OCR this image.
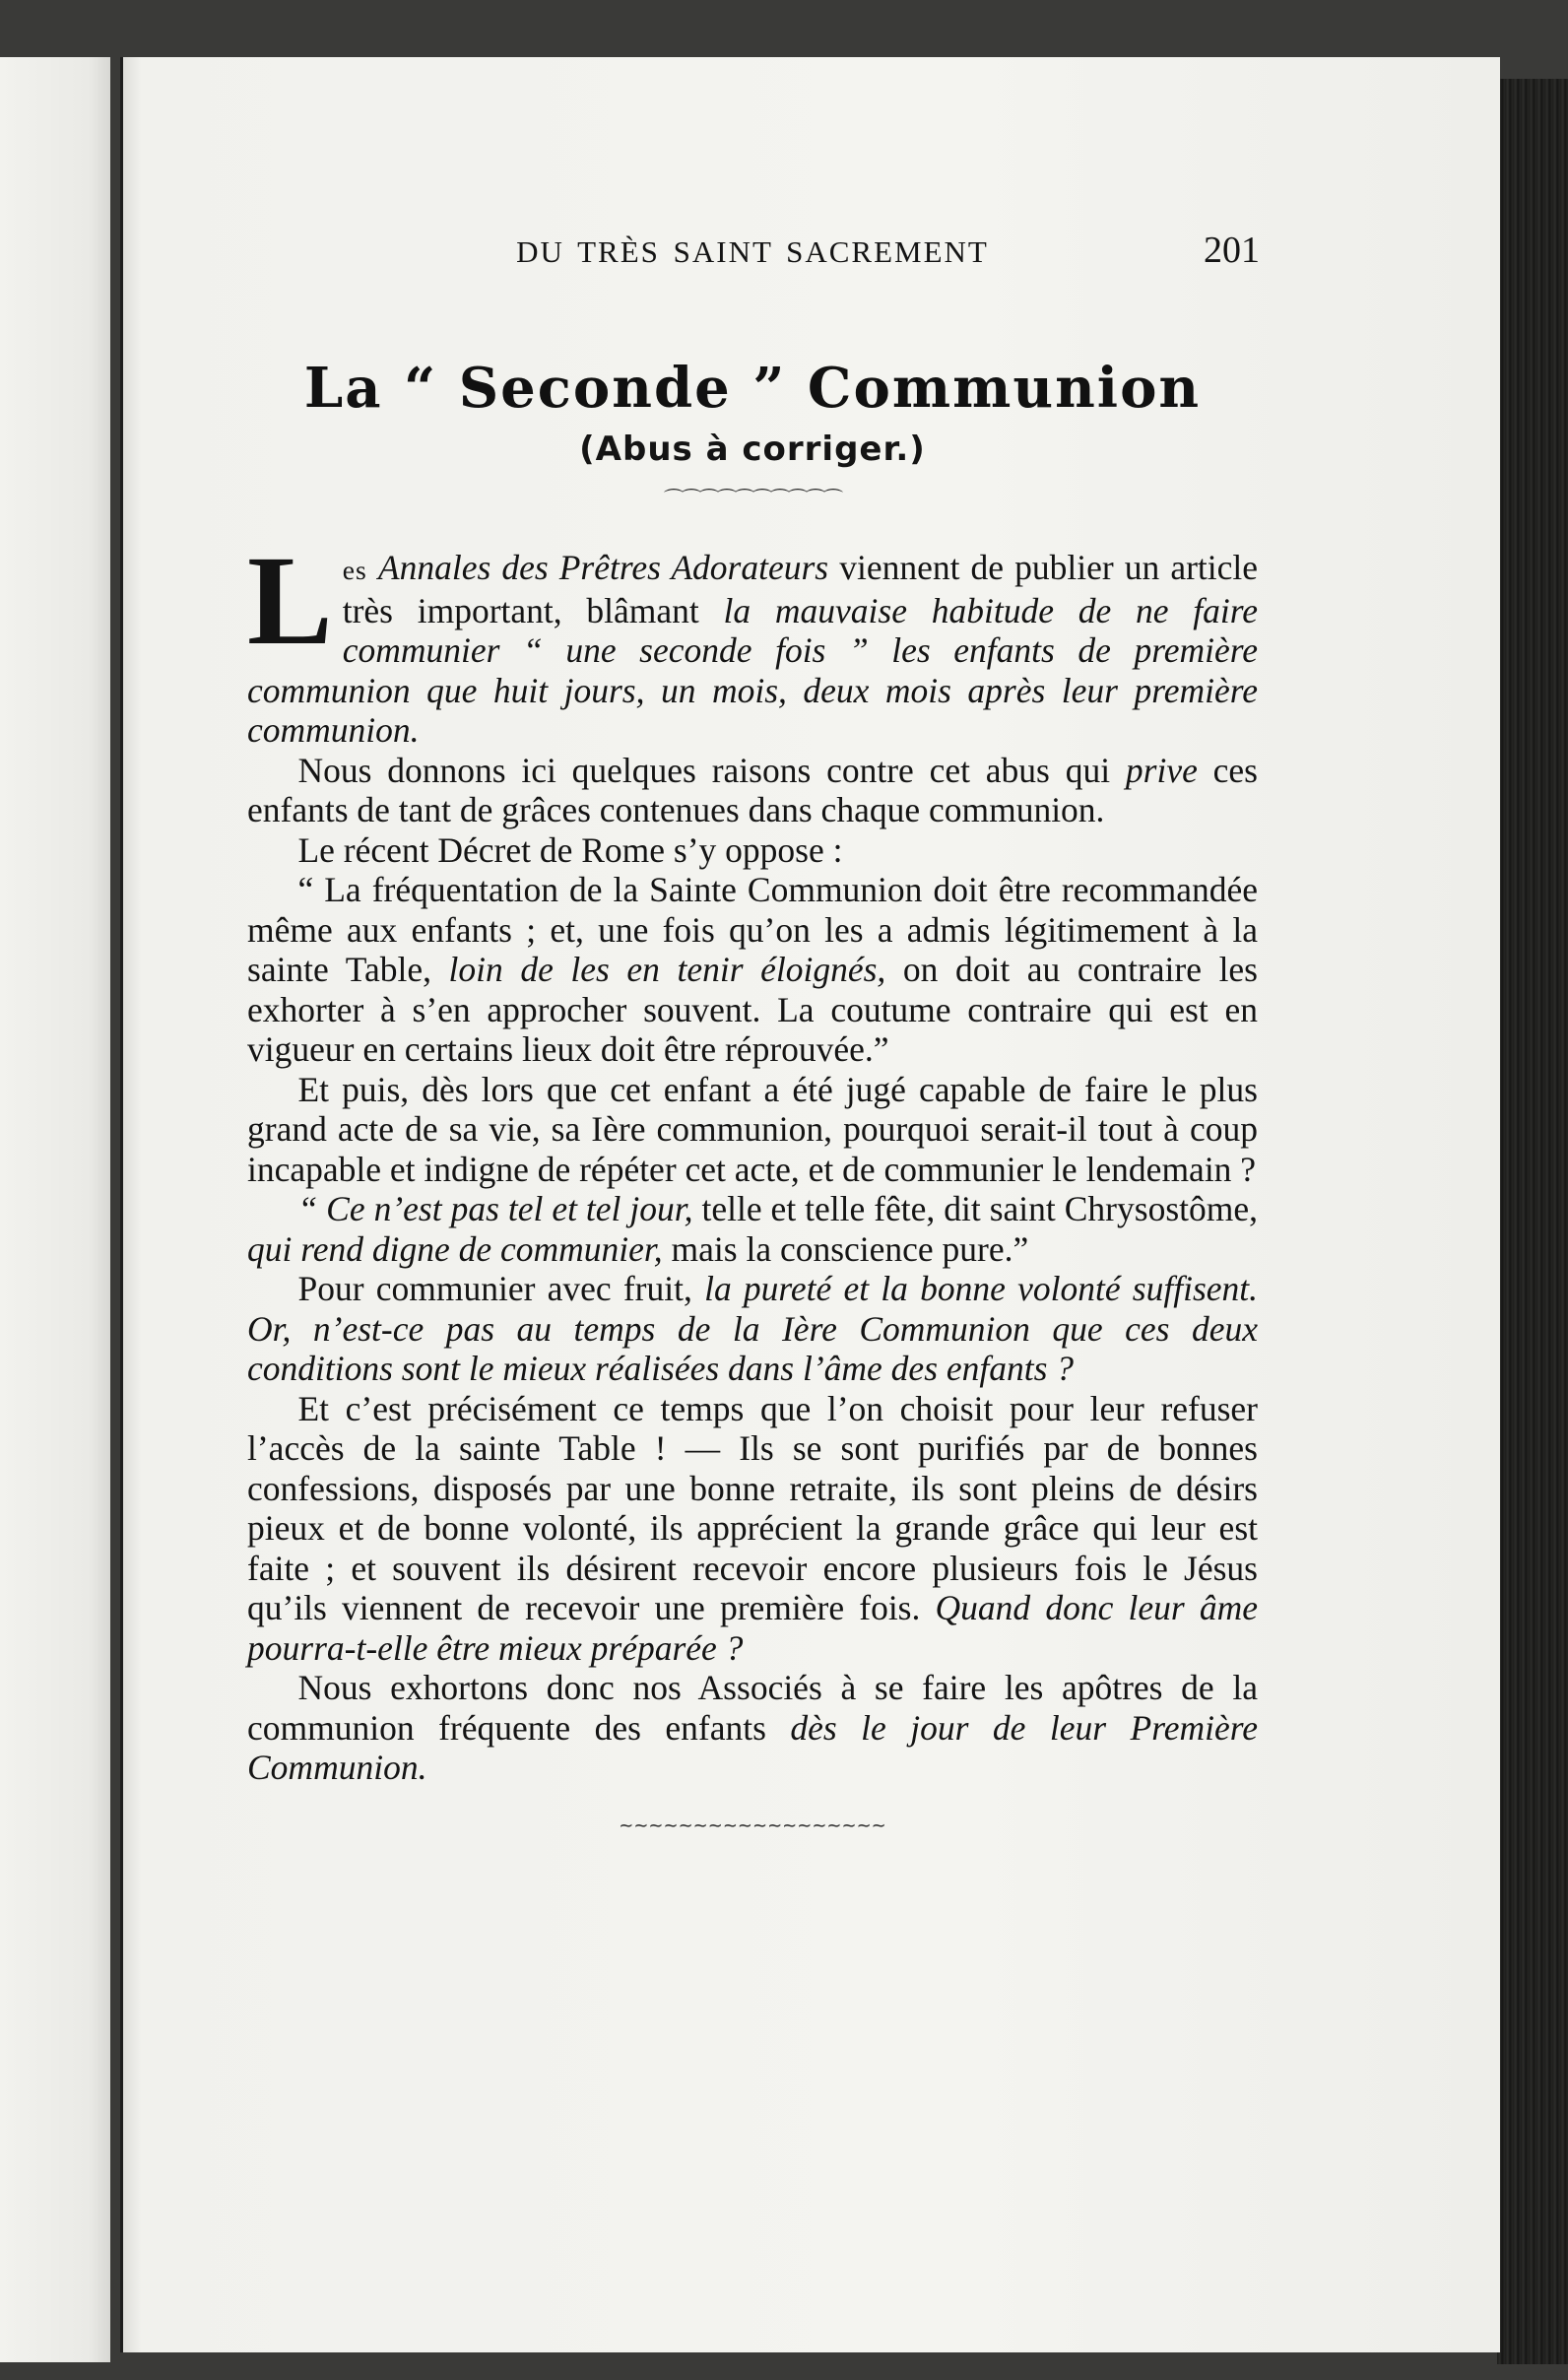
DU TRÈS SAINT SACREMENT	201
La “ Seconde ” Communion
(Abus à corriger.)
⌒⌒⌒⌒⌒⌒⌒⌒⌒⌒

Les Annales des Prêtres Adorateurs viennent de publier un article très important, blâmant la mauvaise habitude de ne faire communier “ une seconde fois ” les enfants de première communion que huit jours, un mois, deux mois après leur première communion.

Nous donnons ici quelques raisons contre cet abus qui prive ces enfants de tant de grâces contenues dans chaque communion.

Le récent Décret de Rome s’y oppose :

“ La fréquentation de la Sainte Communion doit être recommandée même aux enfants ; et, une fois qu’on les a admis légitimement à la sainte Table, loin de les en tenir éloignés, on doit au contraire les exhorter à s’en approcher souvent. La coutume contraire qui est en vigueur en certains lieux doit être réprouvée.”

Et puis, dès lors que cet enfant a été jugé capable de faire le plus grand acte de sa vie, sa Ière communion, pourquoi serait-il tout à coup incapable et indigne de répéter cet acte, et de communier le lendemain ?

“ Ce n’est pas tel et tel jour, telle et telle fête, dit saint Chrysostôme, qui rend digne de communier, mais la conscience pure.”

Pour communier avec fruit, la pureté et la bonne volonté suffisent. Or, n’est-ce pas au temps de la Ière Communion que ces deux conditions sont le mieux réalisées dans l’âme des enfants ?

Et c’est précisément ce temps que l’on choisit pour leur refuser l’accès de la sainte Table ! — Ils se sont purifiés par de bonnes confessions, disposés par une bonne retraite, ils sont pleins de désirs pieux et de bonne volonté, ils apprécient la grande grâce qui leur est faite ; et souvent ils désirent recevoir encore plusieurs fois le Jésus qu’ils viennent de recevoir une première fois. Quand donc leur âme pourra-t-elle être mieux préparée ?

Nous exhortons donc nos Associés à se faire les apôtres de la communion fréquente des enfants dès le jour de leur Première Communion.

~~~~~~~~~~~~~~~~~~
